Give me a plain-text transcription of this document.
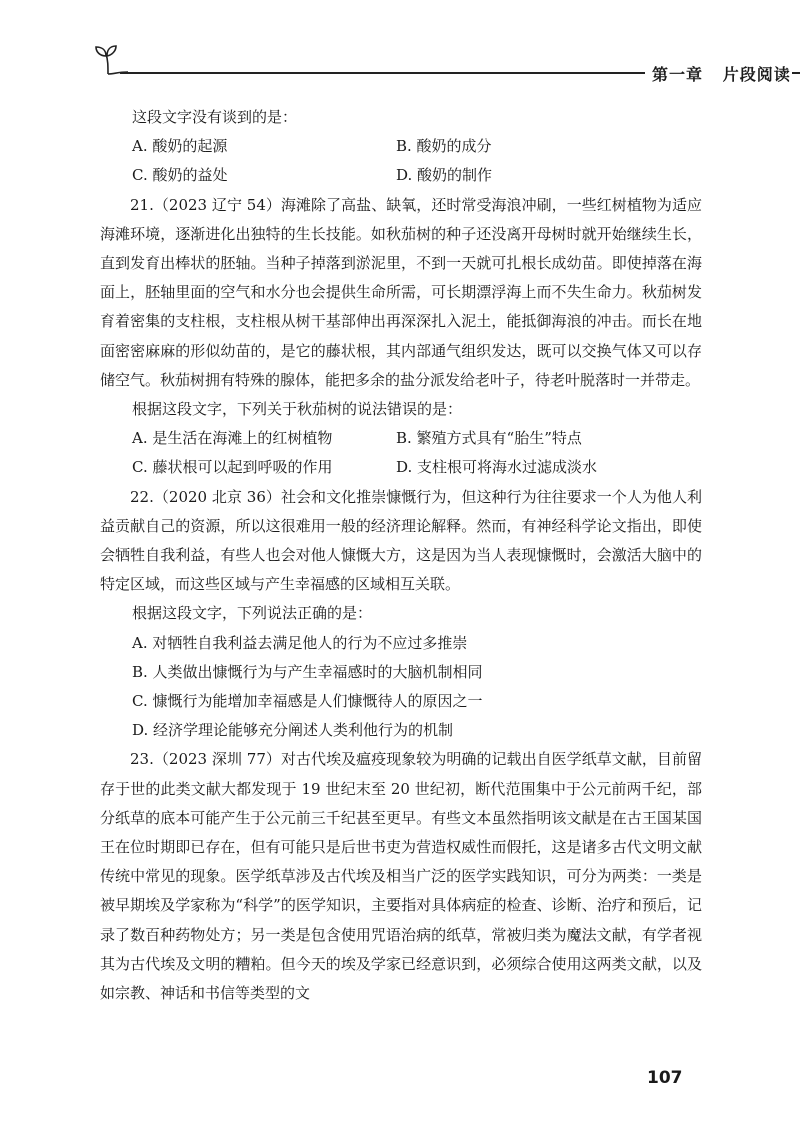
第一章 片段阅读

这段文字没有谈到的是：

A. 酸奶的起源	B. 酸奶的成分
C. 酸奶的益处	D. 酸奶的制作

21.（2023 辽宁 54）海滩除了高盐、缺氧，还时常受海浪冲刷，一些红树植物为适应海滩环境，逐渐进化出独特的生长技能。如秋茄树的种子还没离开母树时就开始继续生长，直到发育出棒状的胚轴。当种子掉落到淤泥里，不到一天就可扎根长成幼苗。即使掉落在海面上，胚轴里面的空气和水分也会提供生命所需，可长期漂浮海上而不失生命力。秋茄树发育着密集的支柱根，支柱根从树干基部伸出再深深扎入泥土，能抵御海浪的冲击。而长在地面密密麻麻的形似幼苗的，是它的藤状根，其内部通气组织发达，既可以交换气体又可以存储空气。秋茄树拥有特殊的腺体，能把多余的盐分派发给老叶子，待老叶脱落时一并带走。

根据这段文字，下列关于秋茄树的说法错误的是：

A. 是生活在海滩上的红树植物	B. 繁殖方式具有“胎生”特点
C. 藤状根可以起到呼吸的作用	D. 支柱根可将海水过滤成淡水

22.（2020 北京 36）社会和文化推崇慷慨行为，但这种行为往往要求一个人为他人利益贡献自己的资源，所以这很难用一般的经济理论解释。然而，有神经科学论文指出，即使会牺牲自我利益，有些人也会对他人慷慨大方，这是因为当人表现慷慨时，会激活大脑中的特定区域，而这些区域与产生幸福感的区域相互关联。

根据这段文字，下列说法正确的是：

A. 对牺牲自我利益去满足他人的行为不应过多推崇

B. 人类做出慷慨行为与产生幸福感时的大脑机制相同

C. 慷慨行为能增加幸福感是人们慷慨待人的原因之一

D. 经济学理论能够充分阐述人类利他行为的机制

23.（2023 深圳 77）对古代埃及瘟疫现象较为明确的记载出自医学纸草文献，目前留存于世的此类文献大都发现于 19 世纪末至 20 世纪初，断代范围集中于公元前两千纪，部分纸草的底本可能产生于公元前三千纪甚至更早。有些文本虽然指明该文献是在古王国某国王在位时期即已存在，但有可能只是后世书吏为营造权威性而假托，这是诸多古代文明文献传统中常见的现象。医学纸草涉及古代埃及相当广泛的医学实践知识，可分为两类：一类是被早期埃及学家称为“科学”的医学知识，主要指对具体病症的检查、诊断、治疗和预后，记录了数百种药物处方；另一类是包含使用咒语治病的纸草，常被归类为魔法文献，有学者视其为古代埃及文明的糟粕。但今天的埃及学家已经意识到，必须综合使用这两类文献，以及如宗教、神话和书信等类型的文

107
